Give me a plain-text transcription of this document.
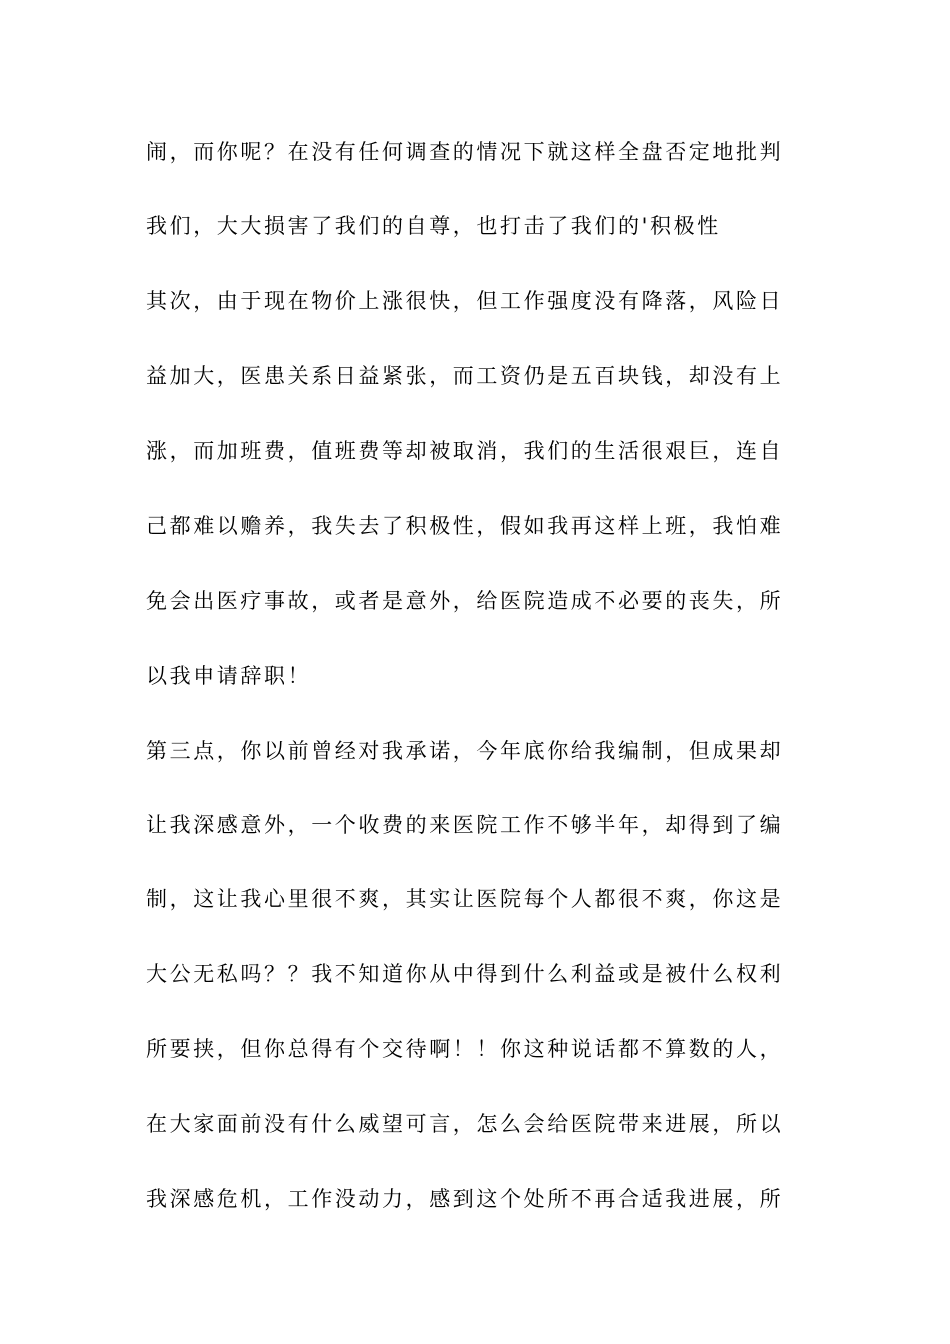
闹，而你呢？在没有任何调查的情况下就这样全盘否定地批判

我们，大大损害了我们的自尊，也打击了我们的'积极性

其次，由于现在物价上涨很快，但工作强度没有降落，风险日

益加大，医患关系日益紧张，而工资仍是五百块钱，却没有上

涨，而加班费，值班费等却被取消，我们的生活很艰巨，连自

己都难以赡养，我失去了积极性，假如我再这样上班，我怕难

免会出医疗事故，或者是意外，给医院造成不必要的丧失，所

以我申请辞职！

第三点，你以前曾经对我承诺，今年底你给我编制，但成果却

让我深感意外，一个收费的来医院工作不够半年，却得到了编

制，这让我心里很不爽，其实让医院每个人都很不爽，你这是

大公无私吗？？我不知道你从中得到什么利益或是被什么权利

所要挟，但你总得有个交待啊！！你这种说话都不算数的人，

在大家面前没有什么威望可言，怎么会给医院带来进展，所以

我深感危机，工作没动力，感到这个处所不再合适我进展，所
